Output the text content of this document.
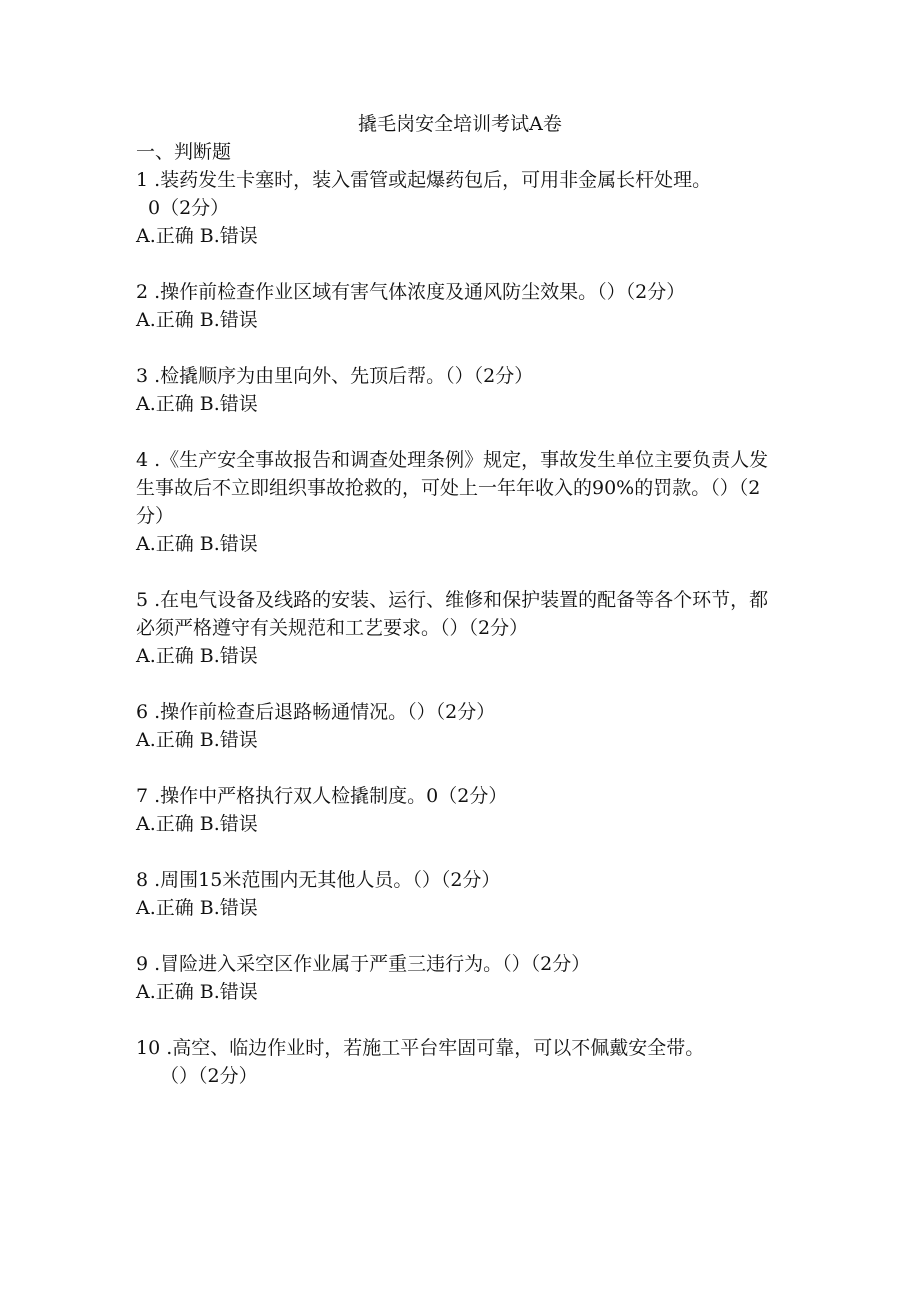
撬毛岗安全培训考试A卷

一、判断题

1 .装药发生卡塞时，装入雷管或起爆药包后，可用非金属长杆处理。

0（2分）

A.正确 B.错误

2 .操作前检查作业区域有害气体浓度及通风防尘效果。（）（2分）

A.正确 B.错误

3 .检撬顺序为由里向外、先顶后帮。（）（2分）

A.正确 B.错误

4 .《生产安全事故报告和调查处理条例》规定，事故发生单位主要负责人发生事故后不立即组织事故抢救的，可处上一年年收入的90%的罚款。（）（2分）

A.正确 B.错误

5 .在电气设备及线路的安装、运行、维修和保护装置的配备等各个环节，都必须严格遵守有关规范和工艺要求。（）（2分）

A.正确 B.错误

6 .操作前检查后退路畅通情况。（）（2分）

A.正确 B.错误

7 .操作中严格执行双人检撬制度。0（2分）

A.正确 B.错误

8 .周围15米范围内无其他人员。（）（2分）

A.正确 B.错误

9 .冒险进入采空区作业属于严重三违行为。（）（2分）

A.正确 B.错误

10 .高空、临边作业时，若施工平台牢固可靠，可以不佩戴安全带。

（）（2分）
